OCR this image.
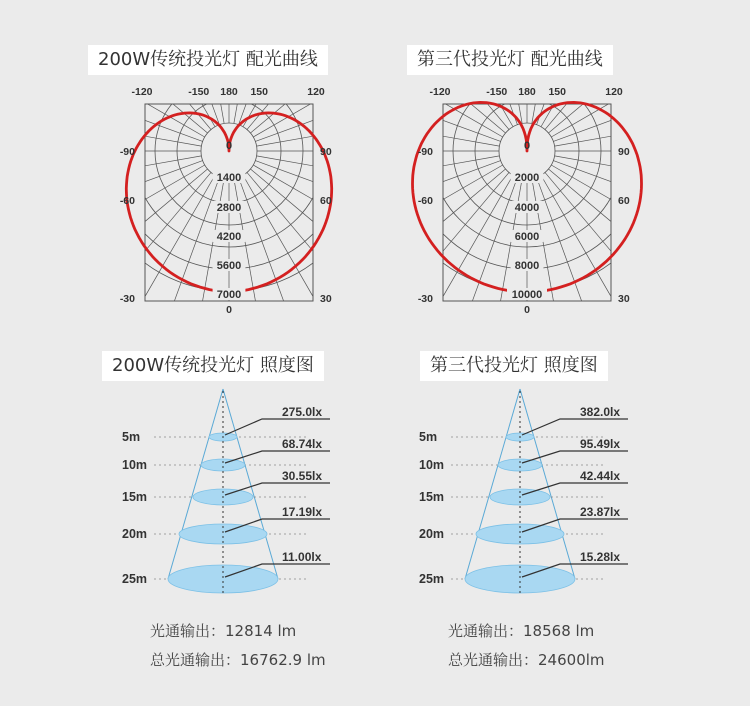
200W传统投光灯 配光曲线	第三代投光灯 配光曲线
200W传统投光灯 照度图	第三代投光灯 照度图
-120	-150 180 150	120
-90	90
-60	60
-30	30
0
0
1400
2800
4200
5600
7000
-120	-150 180 150	120
-90	90
-60	60
-30	30
0
0
2000
4000
6000
8000
10000
5m
10m
15m
20m
25m
275.0lx
68.74lx
30.55lx
17.19lx
11.00lx
5m
10m
15m
20m
25m
382.0lx
95.49lx
42.44lx
23.87lx
15.28lx
光通输出：12814 lm
总光通输出：16762.9 lm
光通输出：18568 lm
总光通输出：24600lm
